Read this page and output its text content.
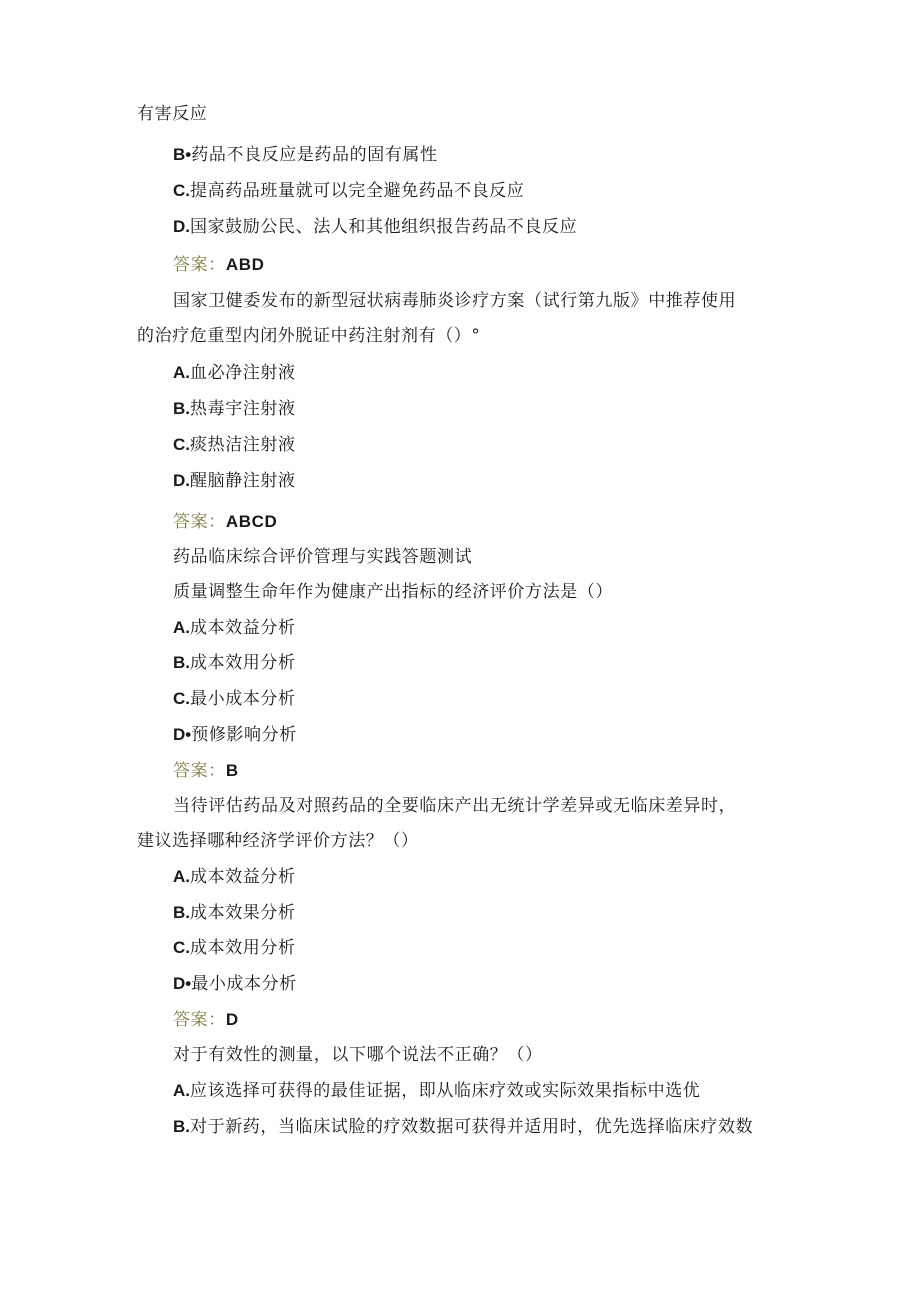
有害反应
B•药品不良反应是药品的固有属性
C.提高药品班量就可以完全避免药品不良反应
D.国家鼓励公民、法人和其他组织报告药品不良反应
答案：ABD
国家卫健委发布的新型冠状病毒肺炎诊疗方案（试行第九版》中推荐使用
的治疗危重型内闭外脱证中药注射剂有（）°
A.血必净注射液
B.热毒宇注射液
C.痰热洁注射液
D.醒脑静注射液
答案：ABCD
药品临床综合评价管理与实践答题测试
质量调整生命年作为健康产出指标的经济评价方法是（）
A.成本效益分析
B.成本效用分析
C.最小成本分析
D•预修影响分析
答案：B
当待评估药品及对照药品的全要临床产出无统计学差异或无临床差异时，
建议选择哪种经济学评价方法？（）
A.成本效益分析
B.成本效果分析
C.成本效用分析
D•最小成本分析
答案：D
对于有效性的测量，以下哪个说法不正确？（）
A.应该选择可获得的最佳证据，即从临床疗效或实际效果指标中选优
B.对于新药，当临床试脸的疗效数据可获得并适用时，优先选择临床疗效数
